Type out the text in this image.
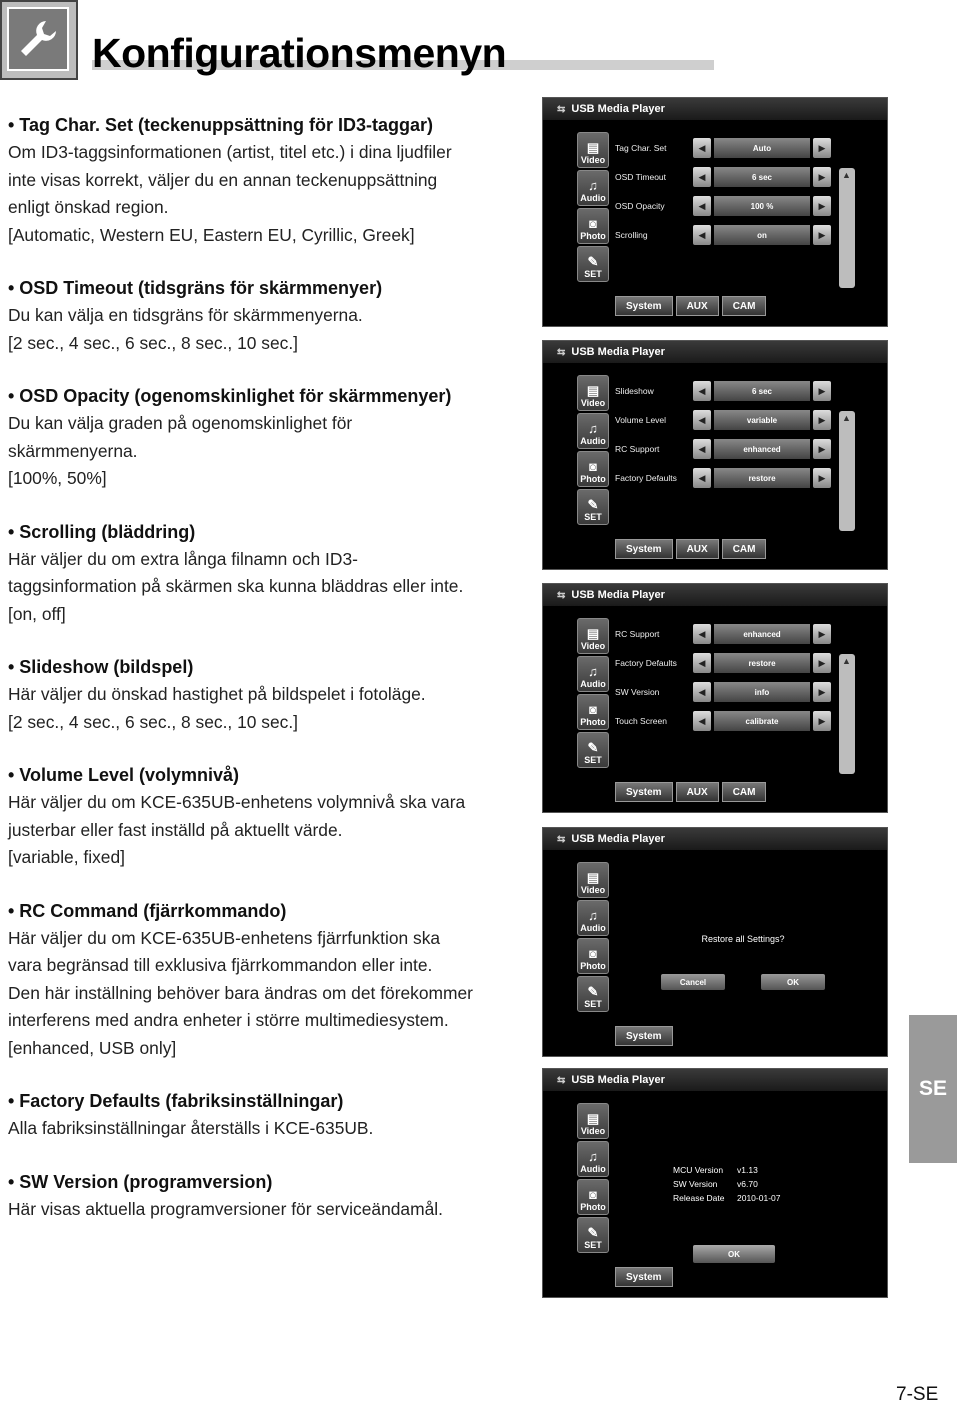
Konfigurationsmenyn
• Tag Char. Set (teckenuppsättning för ID3-taggar)

Om ID3-taggsinformationen (artist, titel etc.) i dina ljudfiler

inte visas korrekt, väljer du en annan teckenuppsättning

enligt önskad region.

[Automatic, Western EU, Eastern EU, Cyrillic, Greek]

• OSD Timeout (tidsgräns för skärmmenyer)

Du kan välja en tidsgräns för skärmmenyerna.

[2 sec., 4 sec., 6 sec., 8 sec., 10 sec.]

• OSD Opacity (ogenomskinlighet för skärmmenyer)

Du kan välja graden på ogenomskinlighet för

skärmmenyerna.

[100%, 50%]

• Scrolling (bläddring)

Här väljer du om extra långa filnamn och ID3-

taggsinformation på skärmen ska kunna bläddras eller inte.

[on, off]

• Slideshow (bildspel)

Här väljer du önskad hastighet på bildspelet i fotoläge.

[2 sec., 4 sec., 6 sec., 8 sec., 10 sec.]

• Volume Level (volymnivå)

Här väljer du om KCE-635UB-enhetens volymnivå ska vara

justerbar eller fast inställd på aktuellt värde.

[variable, fixed]

• RC Command (fjärrkommando)

Här väljer du om KCE-635UB-enhetens fjärrfunktion ska

vara begränsad till exklusiva fjärrkommandon eller inte.

Den här inställning behöver bara ändras om det förekommer

interferens med andra enheter i större multimediesystem.

[enhanced, USB only]

• Factory Defaults (fabriksinställningar)

Alla fabriksinställningar återställs i KCE-635UB.

• SW Version (programversion)

Här visas aktuella programversioner för serviceändamål.

⇆ USB Media Player
▤
Video
♫
Audio
◙
Photo
✎
SET
Tag Char. Set	◀	Auto	▶
OSD Timeout	◀	6 sec	▶
OSD Opacity	◀	100 %	▶
Scrolling	◀	on	▶
▲
System	AUX	CAM
⇆ USB Media Player
▤
Video
♫
Audio
◙
Photo
✎
SET
Slideshow	◀	6 sec	▶
Volume Level	◀	variable	▶
RC Support	◀	enhanced	▶
Factory Defaults	◀	restore	▶
▲
System	AUX	CAM
⇆ USB Media Player
▤
Video
♫
Audio
◙
Photo
✎
SET
RC Support	◀	enhanced	▶
Factory Defaults	◀	restore	▶
SW Version	◀	info	▶
Touch Screen	◀	calibrate	▶
▲
System	AUX	CAM
⇆ USB Media Player
▤
Video
♫
Audio
◙
Photo
✎
SET
Restore all Settings?
Cancel	OK
System
⇆ USB Media Player
▤
Video
♫
Audio
◙
Photo
✎
SET
MCU Version	v1.13
SW Version	v6.70
Release Date	2010-01-07
OK
System
SE
7-SE
